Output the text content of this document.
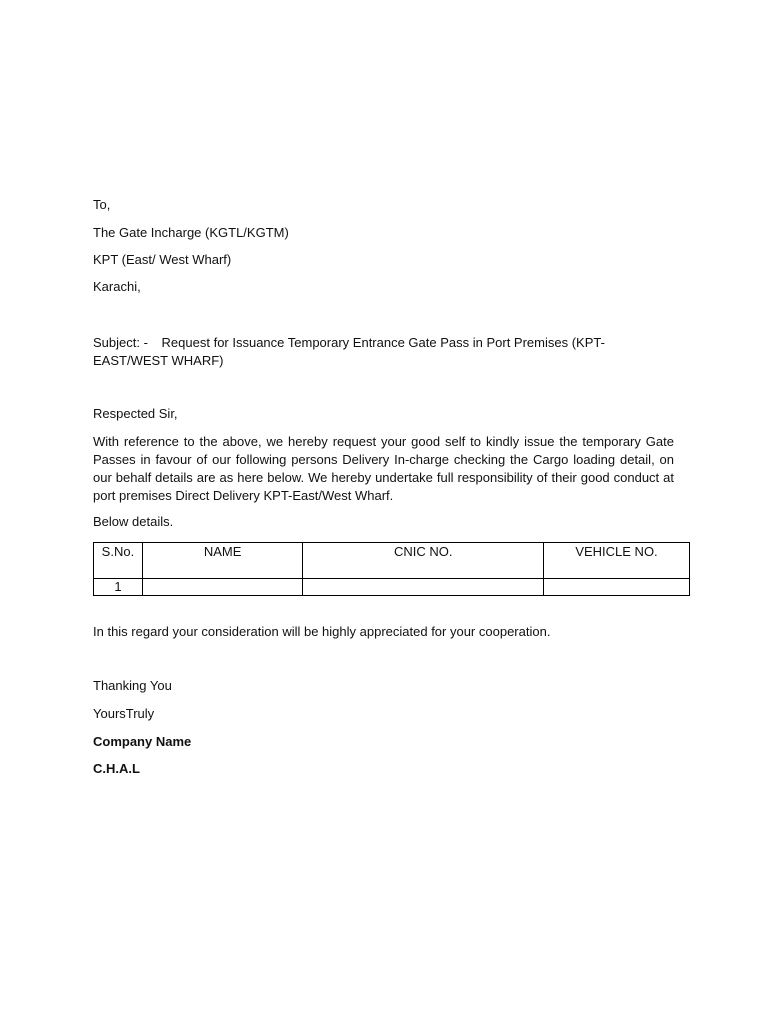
To,
The Gate Incharge (KGTL/KGTM)
KPT (East/ West Wharf)
Karachi,
Subject: - Request for Issuance Temporary Entrance Gate Pass in Port Premises (KPT-EAST/WEST WHARF)
Respected Sir,
With reference to the above, we hereby request your good self to kindly issue the temporary Gate Passes in favour of our following persons Delivery In-charge checking the Cargo loading detail, on our behalf details are as here below. We hereby undertake full responsibility of their good conduct at port premises Direct Delivery KPT-East/West Wharf.
Below details.
S.No.	NAME	CNIC NO.	VEHICLE NO.
1			
In this regard your consideration will be highly appreciated for your cooperation.
Thanking You
YoursTruly
Company Name
C.H.A.L
